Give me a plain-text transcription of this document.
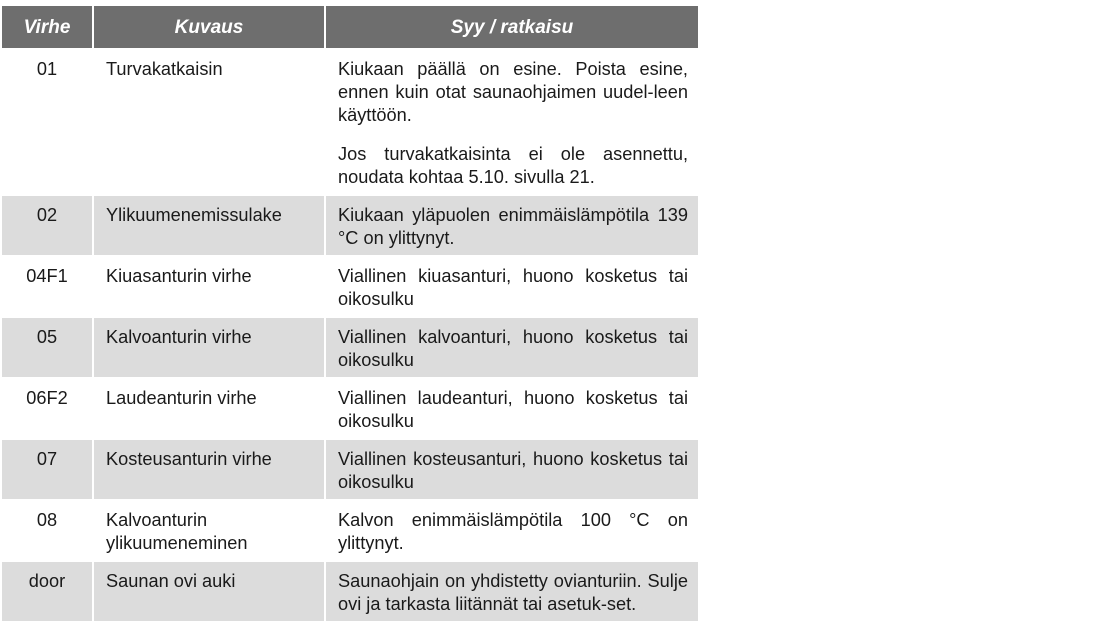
Virhe	Kuvaus	Syy / ratkaisu
01	Turvakatkaisin	Kiukaan päällä on esine. Poista esine, ennen kuin otat saunaohjaimen uudel-leen käyttöön.

Jos turvakatkaisinta ei ole asennettu, noudata kohtaa 5.10. sivulla 21.

02	Ylikuumenemissulake	Kiukaan yläpuolen enimmäislämpötila 139 °C on ylittynyt.

04F1	Kiuasanturin virhe	Viallinen kiuasanturi, huono kosketus tai oikosulku

05	Kalvoanturin virhe	Viallinen kalvoanturi, huono kosketus tai oikosulku

06F2	Laudeanturin virhe	Viallinen laudeanturi, huono kosketus tai oikosulku

07	Kosteusanturin virhe	Viallinen kosteusanturi, huono kosketus tai oikosulku

08	Kalvoanturin ylikuumeneminen	Kalvon enimmäislämpötila 100 °C on ylittynyt.

door	Saunan ovi auki	Saunaohjain on yhdistetty ovianturiin. Sulje ovi ja tarkasta liitännät tai asetuk-set.
